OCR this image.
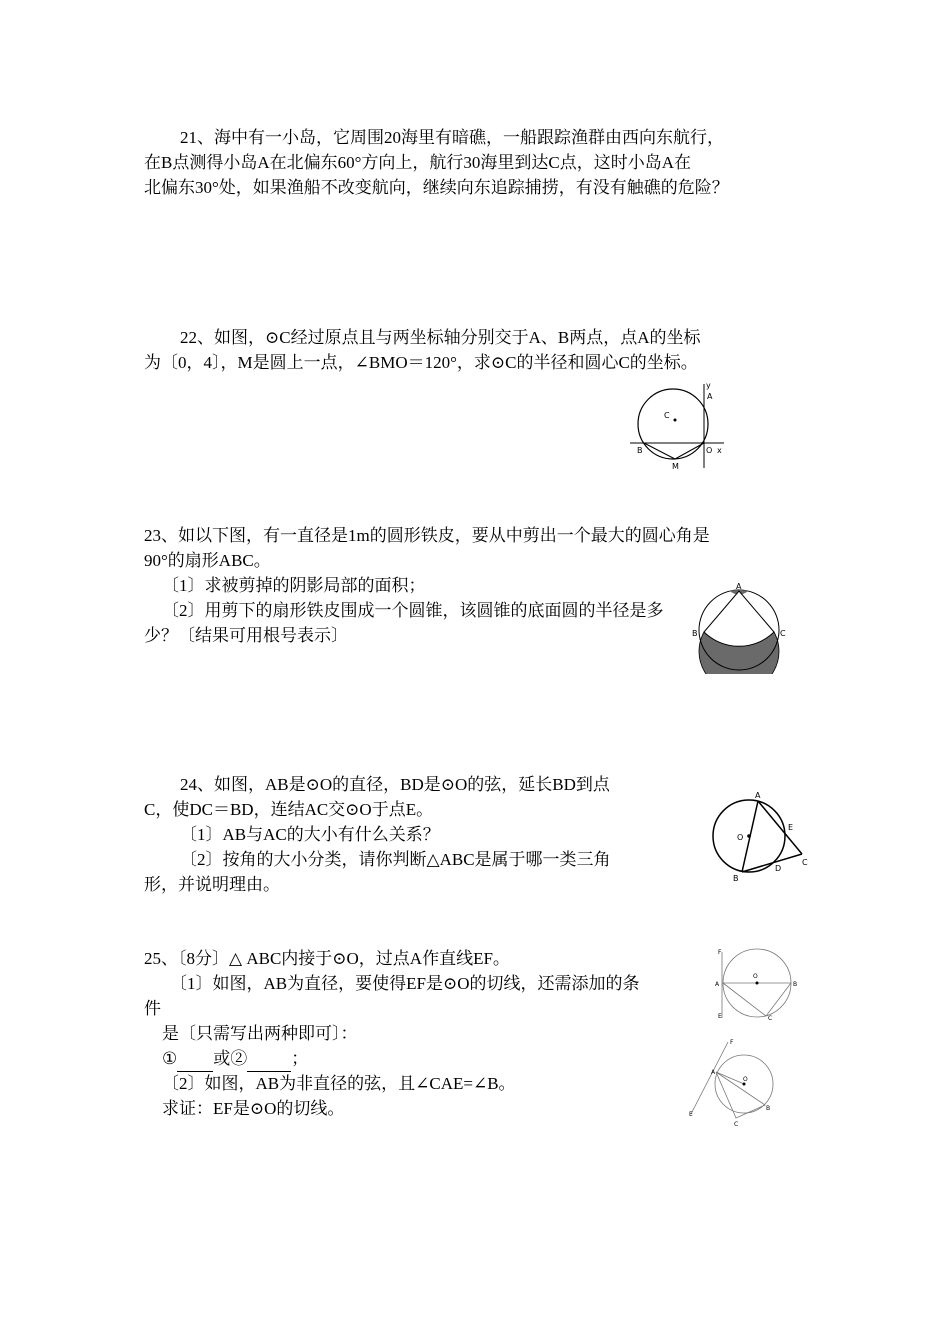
21、海中有一小岛，它周围20海里有暗礁，一船跟踪渔群由西向东航行，
在B点测得小岛A在北偏东60°方向上，航行30海里到达C点，这时小岛A在
北偏东30°处，如果渔船不改变航向，继续向东追踪捕捞，有没有触礁的危险？
22、如图，⊙C经过原点且与两坐标轴分别交于A、B两点，点A的坐标
为〔0，4〕，M是圆上一点，∠BMO＝120°，求⊙C的半径和圆心C的坐标。
y
A
C
B	O x
M
23、如以下图，有一直径是1m的圆形铁皮，要从中剪出一个最大的圆心角是
90°的扇形ABC。
〔1〕求被剪掉的阴影局部的面积；
〔2〕用剪下的扇形铁皮围成一个圆锥，该圆锥的底面圆的半径是多
少？〔结果可用根号表示〕
A
B	C
24、如图，AB是⊙O的直径，BD是⊙O的弦，延长BD到点
C，使DC＝BD，连结AC交⊙O于点E。
〔1〕AB与AC的大小有什么关系？
〔2〕按角的大小分类，请你判断△ABC是属于哪一类三角
形，并说明理由。
A
O
E
C
D
B
25、〔8分〕△ ABC内接于⊙O，过点A作直线EF。
〔1〕如图，AB为直径，要使得EF是⊙O的切线，还需添加的条
件
是〔只需写出两种即可〕：
① 或②	；
〔2〕如图，AB为非直径的弦，且∠CAE=∠B。
求证：EF是⊙O的切线。
F
A
O
B
E	C
F
A
O
B
E
C
